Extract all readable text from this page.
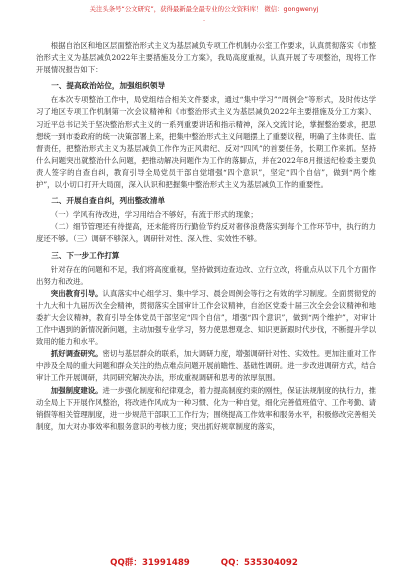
关注头条号“公文研究”，获得最新最全最专业的公文资料库！ 微信：gongwenyj
.

根据自治区和地区层面整治形式主义为基层减负专项工作机制办公室工作要求，认真贯彻落实《市整治形式主义为基层减负2022年主要措施及分工方案》，我局高度重视，认真开展了专项整治，现将工作开展情况报告如下：

一、提高政治站位，加强组织领导

在本次专项整治工作中，局党组结合相关文件要求，通过“集中学习”“周例会”等形式，及时传达学习了地区专项工作机制第一次会议精神和《市整治形式主义为基层减负2022年主要措施及分工方案》、习近平总书记关于坚决整治形式主义的一系列重要讲话和指示精神，深入交流讨论，掌握整治要求，把思想统一到市委政府的统一决策部署上来，把集中整治形式主义问题摆上了重要议程，明确了主体责任、监督责任，把整治形式主义为基层减负工作作为正风肃纪、反对“四风”的首要任务，长期工作来抓。坚持什么问题突出就整治什么问题，把推动解决问题作为工作的落脚点，并在2022年8月报送纪检委主要负责人签字的自查自纠，教育引导全局党员干部自觉增强“四个意识”，坚定“四个自信”，做到“两个维护”，以小切口打开大局面，深入认识和把握集中整治形式主义为基层减负工作的重要性。

二、开展自查自纠，列出整改清单

（一）学风有待改进，学习用结合不够好，有流于形式的现象；

（二）细节管理还有待提高，还未能将历行勤俭节约反对奢侈浪费落实到每个工作环节中，执行的力度还不够。（三）调研不够深入，调研针对性、深入性、实效性不够。

三、下一步工作打算

针对存在的问题和不足，我们将高度重视，坚持做到边查边改、立行立改，将重点从以下几个方面作出努力和改进。

突出教育引导。认真落实中心组学习、集中学习、晨会周例会等行之有效的学习制度。全面贯彻党的十九大和十九届历次全会精神，贯彻落实全国审计工作会议精神，自治区党委十届三次全会会议精神和地委扩大会议精神，教育引导全体党员干部坚定“四个自信”，增强“四个意识”，做到“两个维护”，对审计工作中遇到的新情况新问题，主动加强专业学习，努力使思想观念、知识更新跟时代步伐，不断提升学以致用的能力和水平。

抓好调查研究。密切与基层群众的联系，加大调研力度，增强调研针对性、实效性。更加注重对工作中涉及全局的重大问题和群众关注的热点难点问题开展前瞻性、基础性调研。进一步改进调研方式，结合审计工作开展调研，共同研究解决办法，形成重视调研和思考的浓厚氛围。

加强制度建设。进一步强化制度和纪律观念，着力提高制度约束的刚性，保证法规制度的执行力，推动全局上下开展作风整治，将改进作风成为一种习惯、化为一种自觉，细化完善值班值守、工作考勤、请销假等相关管理制度，进一步规范干部职工工作行为；围绕提高工作效率和服务水平，积极修改完善相关制度，加大对办事效率和服务意识的考核力度；突出抓好规章制度的落实，

QQ群：31991489	QQ：535304092
